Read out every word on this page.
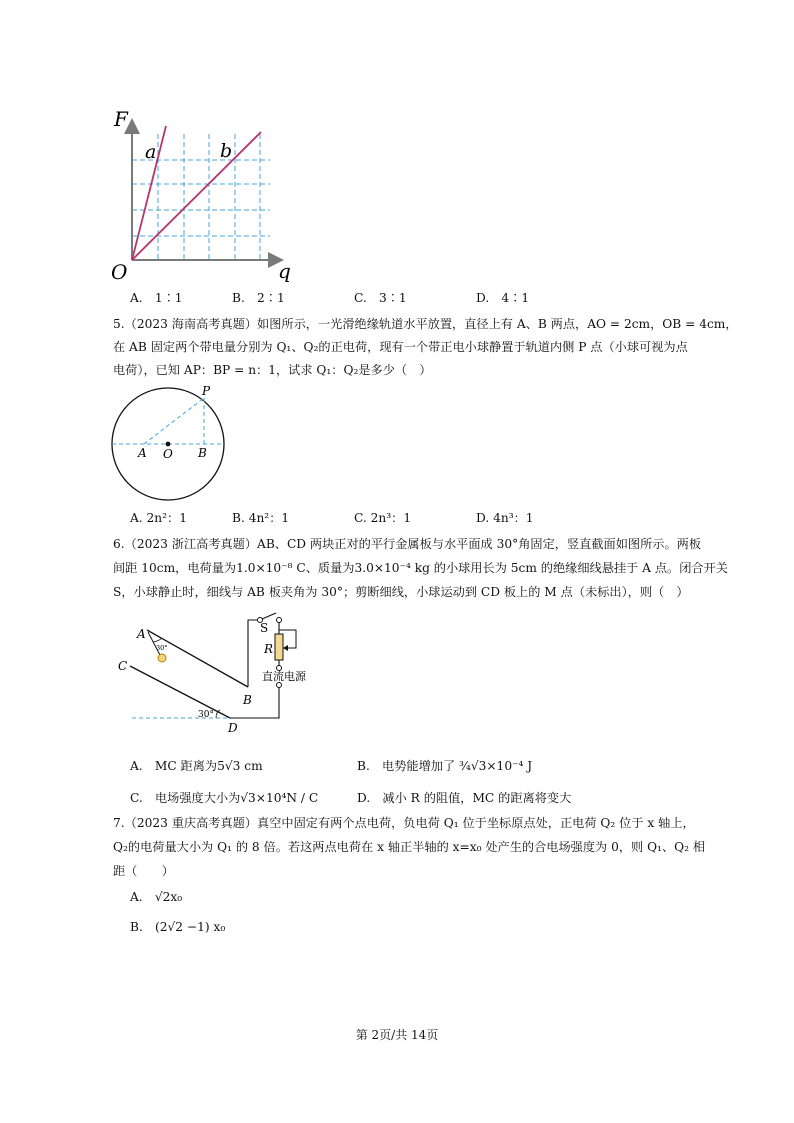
F
q
O
a	b
A.　1∶1	B.　2∶1	C.　3∶1	D.　4∶1
5.（2023 海南高考真题）如图所示，一光滑绝缘轨道水平放置，直径上有 A、B 两点，AO = 2cm，OB = 4cm，
在 AB 固定两个带电量分别为 Q₁、Q₂的正电荷，现有一个带正电小球静置于轨道内侧 P 点（小球可视为点
电荷），已知 AP：BP = n：1，试求 Q₁：Q₂是多少（　）
P
A O B
A. 2n²：1	B. 4n²：1	C. 2n³：1	D. 4n³：1
6.（2023 浙江高考真题）AB、CD 两块正对的平行金属板与水平面成 30°角固定，竖直截面如图所示。两板
间距 10cm，电荷量为1.0×10⁻⁸ C、质量为3.0×10⁻⁴ kg 的小球用长为 5cm 的绝缘细线悬挂于 A 点。闭合开关
S，小球静止时，细线与 AB 板夹角为 30°；剪断细线，小球运动到 CD 板上的 M 点（未标出），则（　）
30°
30°
A
C
B
D
S
R
直流电源
A.　MC 距离为5√3 cm	B.　电势能增加了 ¾√3×10⁻⁴ J
C.　电场强度大小为√3×10⁴N / C	D.　减小 R 的阻值，MC 的距离将变大
7.（2023 重庆高考真题）真空中固定有两个点电荷，负电荷 Q₁ 位于坐标原点处，正电荷 Q₂ 位于 x 轴上，
Q₂的电荷量大小为 Q₁ 的 8 倍。若这两点电荷在 x 轴正半轴的 x=x₀ 处产生的合电场强度为 0，则 Q₁、Q₂ 相
距（　　）
A.　√2x₀
B.　(2√2 −1) x₀
第 2页/共 14页
